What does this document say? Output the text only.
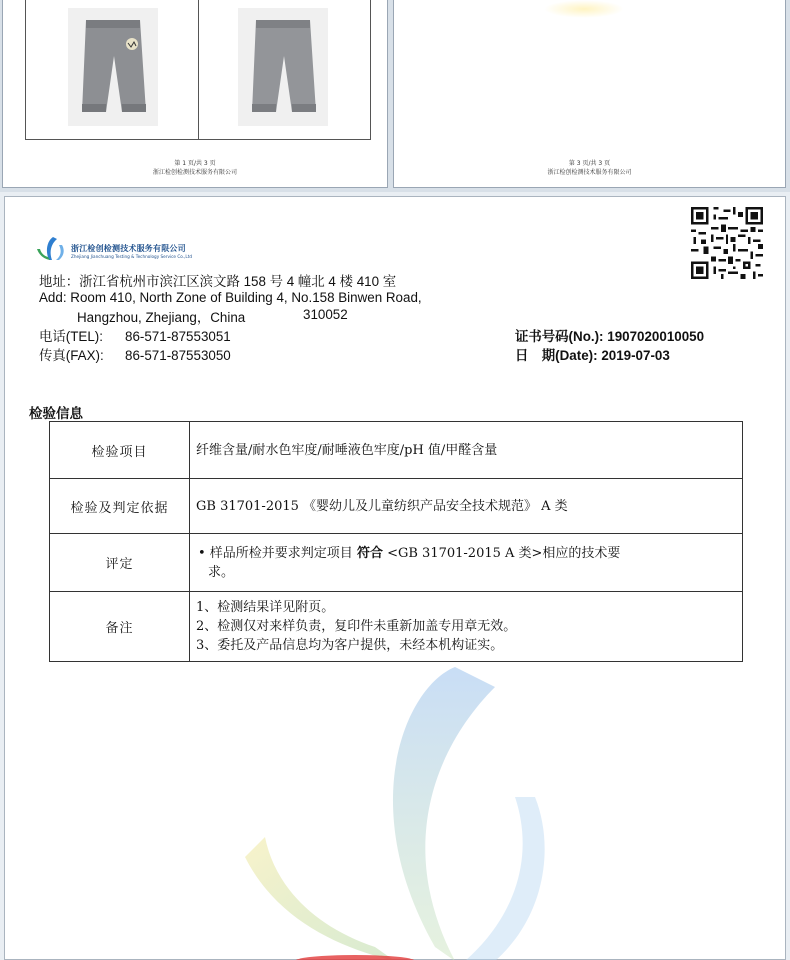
第 1 页/共 3 页
浙江检创检测技术服务有限公司
第 3 页/共 3 页
浙江检创检测技术服务有限公司
浙江检创检测技术服务有限公司
Zhejiang Jianchuang Testing & Technology Service Co.,Ltd
地址：浙江省杭州市滨江区滨文路 158 号 4 幢北 4 楼 410 室
Add: Room 410, North Zone of Building 4, No.158 Binwen Road,
Hangzhou, Zhejiang，China	310052
电话(TEL): 86-571-87553051
传真(FAX): 86-571-87553050
证书号码(No.): 1907020010050
日　期(Date): 2019-07-03
检验信息
检验项目	纤维含量/耐水色牢度/耐唾液色牢度/pH 值/甲醛含量
检验及判定依据	GB 31701-2015 《婴幼儿及儿童纺织产品安全技术规范》 A 类
评定	• 样品所检并要求判定项目 符合 <GB 31701-2015 A 类>相应的技术要
求。

备注	1、检测结果详见附页。
2、检测仅对来样负责，复印件未重新加盖专用章无效。
3、委托及产品信息均为客户提供，未经本机构证实。
